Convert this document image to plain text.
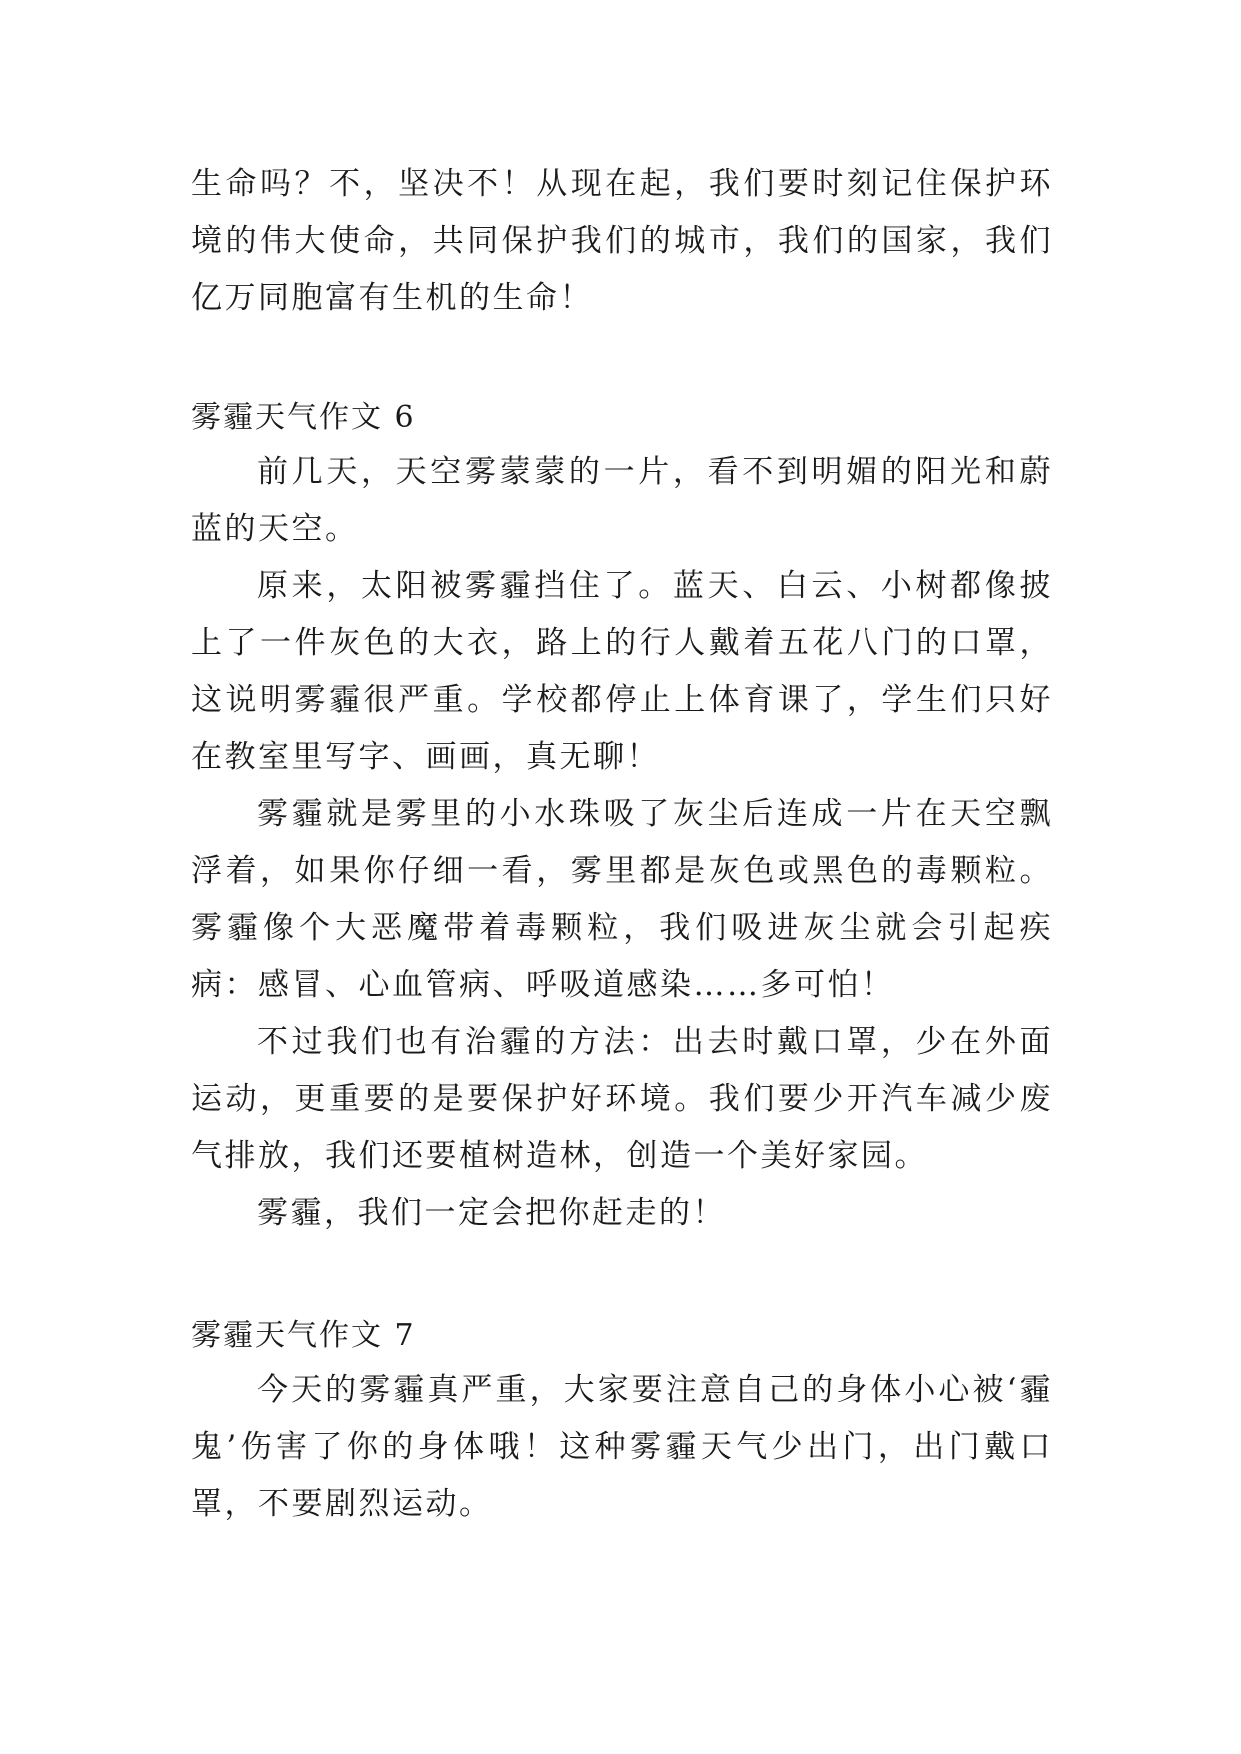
生命吗？不，坚决不！从现在起，我们要时刻记住保护环境的伟大使命，共同保护我们的城市，我们的国家，我们亿万同胞富有生机的生命！

雾霾天气作文 6

前几天，天空雾蒙蒙的一片，看不到明媚的阳光和蔚蓝的天空。

原来，太阳被雾霾挡住了。蓝天、白云、小树都像披上了一件灰色的大衣，路上的行人戴着五花八门的口罩，这说明雾霾很严重。学校都停止上体育课了，学生们只好在教室里写字、画画，真无聊！

雾霾就是雾里的小水珠吸了灰尘后连成一片在天空飘浮着，如果你仔细一看，雾里都是灰色或黑色的毒颗粒。雾霾像个大恶魔带着毒颗粒，我们吸进灰尘就会引起疾病：感冒、心血管病、呼吸道感染……多可怕！

不过我们也有治霾的方法：出去时戴口罩，少在外面运动，更重要的是要保护好环境。我们要少开汽车减少废气排放，我们还要植树造林，创造一个美好家园。

雾霾，我们一定会把你赶走的！

雾霾天气作文 7

今天的雾霾真严重，大家要注意自己的身体小心被‘霾鬼’伤害了你的身体哦！这种雾霾天气少出门，出门戴口罩，不要剧烈运动。
